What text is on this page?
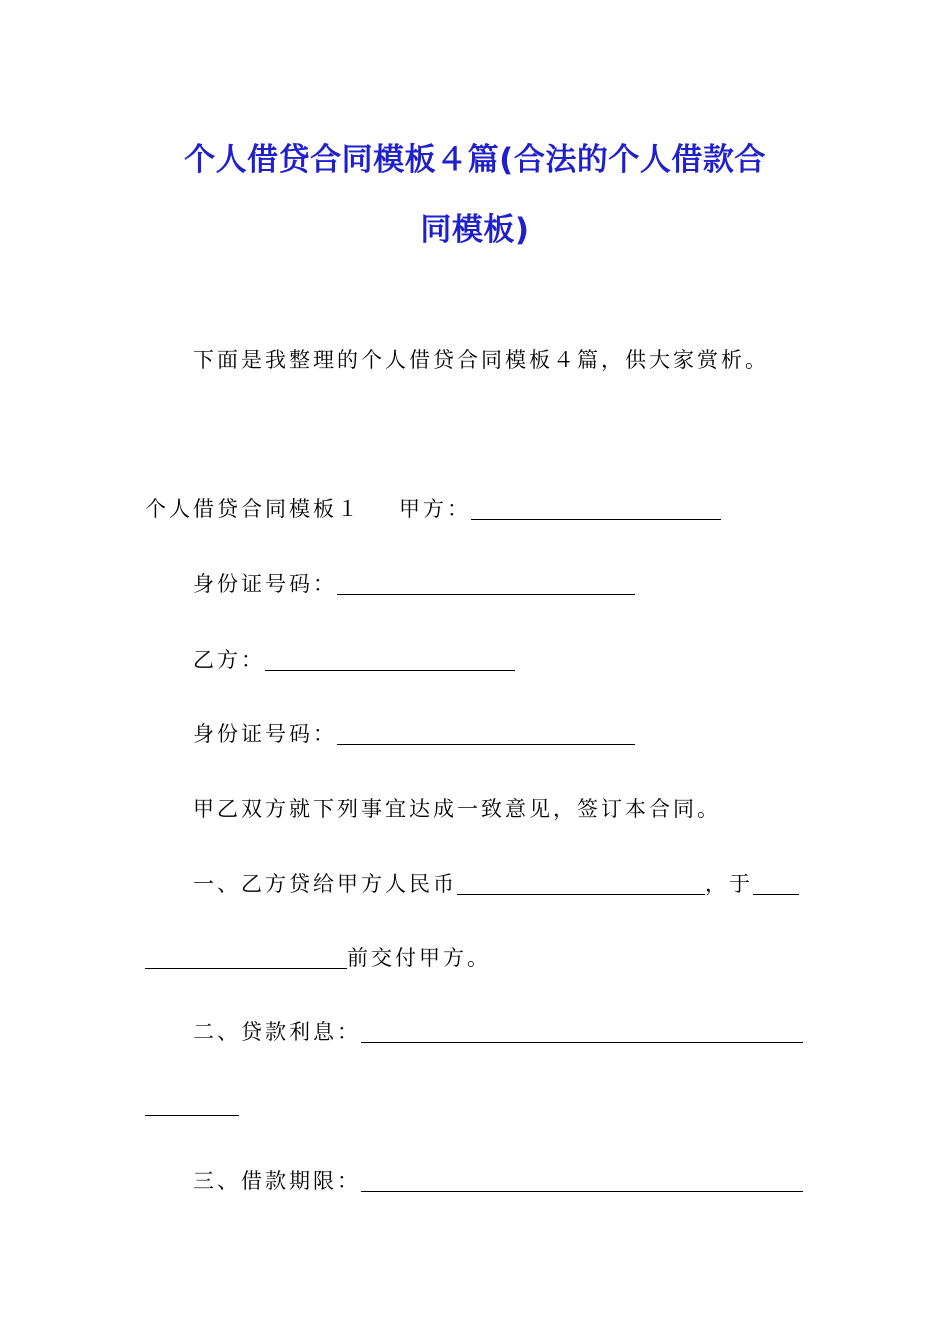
个人借贷合同模板４篇(合法的个人借款合
同模板)
下面是我整理的个人借贷合同模板４篇，供大家赏析。
个人借贷合同模板１ 甲方：
身份证号码：
乙方：
身份证号码：
甲乙双方就下列事宜达成一致意见，签订本合同。
一、乙方贷给甲方人民币	，于
前交付甲方。
二、贷款利息：
三、借款期限：
